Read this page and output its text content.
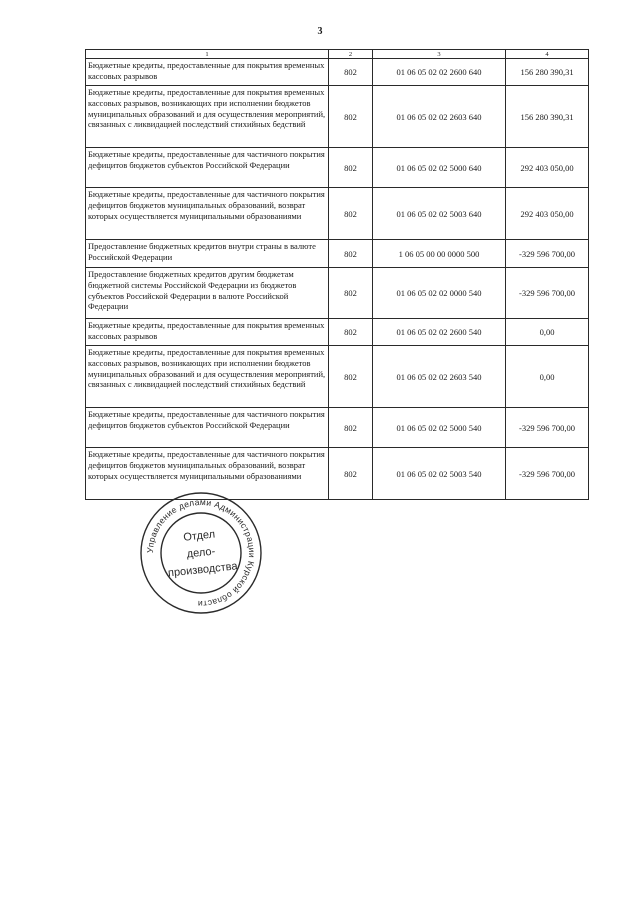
3
1	2	3	4
Бюджетные кредиты, предоставленные для покрытия временных кассовых разрывов	802	01 06 05 02 02 2600 640	156 280 390,31
Бюджетные кредиты, предоставленные для покрытия временных кассовых разрывов, возникающих при исполнении бюджетов муниципальных образований и для осуществления мероприятий, связанных с ликвидацией последствий стихийных бедствий	802	01 06 05 02 02 2603 640	156 280 390,31
Бюджетные кредиты, предоставленные для частичного покрытия дефицитов бюджетов субъектов Российской Федерации	802	01 06 05 02 02 5000 640	292 403 050,00
Бюджетные кредиты, предоставленные для частичного покрытия дефицитов бюджетов муниципальных образований, возврат которых осуществляется муниципальными образованиями	802	01 06 05 02 02 5003 640	292 403 050,00
Предоставление бюджетных кредитов внутри страны в валюте Российской Федерации	802	1 06 05 00 00 0000 500	-329 596 700,00
Предоставление бюджетных кредитов другим бюджетам бюджетной системы Российской Федерации из бюджетов субъектов Российской Федерации в валюте Российской Федерации	802	01 06 05 02 02 0000 540	-329 596 700,00
Бюджетные кредиты, предоставленные для покрытия временных кассовых разрывов	802	01 06 05 02 02 2600 540	0,00
Бюджетные кредиты, предоставленные для покрытия временных кассовых разрывов, возникающих при исполнении бюджетов муниципальных образований и для осуществления мероприятий, связанных с ликвидацией последствий стихийных бедствий	802	01 06 05 02 02 2603 540	0,00
Бюджетные кредиты, предоставленные для частичного покрытия дефицитов бюджетов субъектов Российской Федерации	802	01 06 05 02 02 5000 540	-329 596 700,00
Бюджетные кредиты, предоставленные для частичного покрытия дефицитов бюджетов муниципальных образований, возврат которых осуществляется муниципальными образованиями	802	01 06 05 02 02 5003 540	-329 596 700,00
Управление делами Администрации Курской области
Отдел
дело-
производства
